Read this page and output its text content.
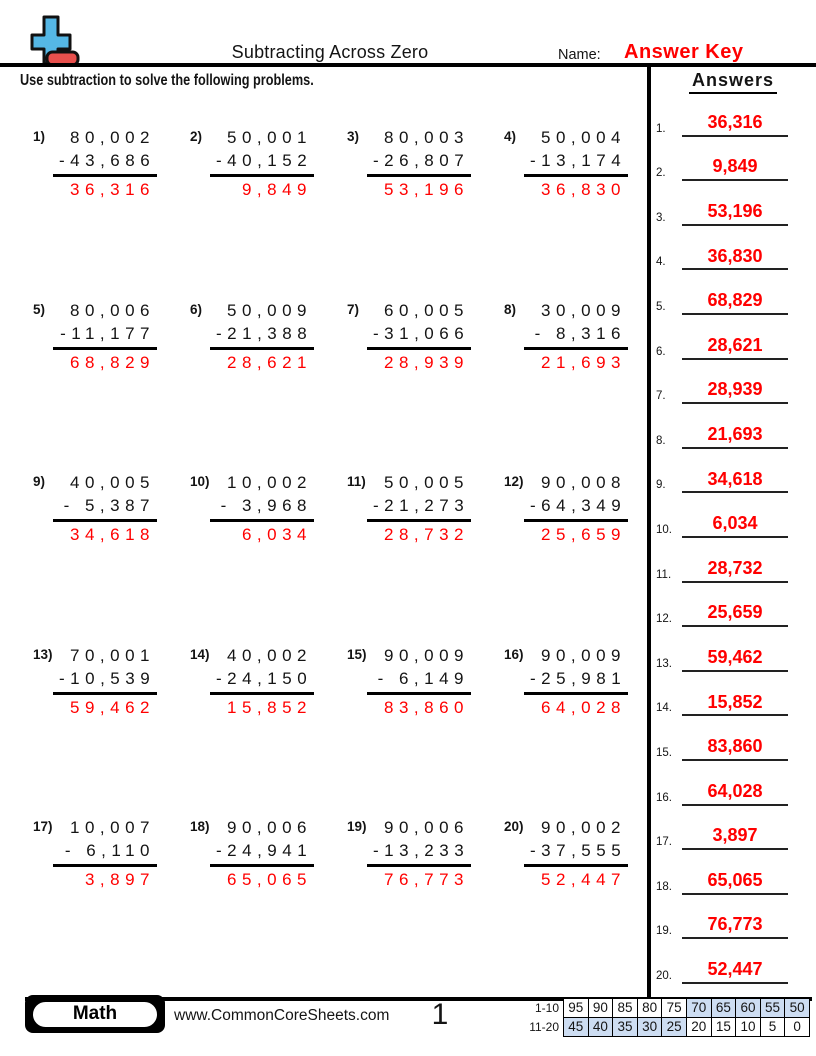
Subtracting Across Zero	Name: Answer Key
Use subtraction to solve the following problems.
1)	80,002
-43,686
36,316
2)	50,001
-40,152
9,849
3)	80,003
-26,807
53,196
4)	50,004
-13,174
36,830
5)	80,006
-11,177
68,829
6)	50,009
-21,388
28,621
7)	60,005
-31,066
28,939
8)	30,009
- 8,316
21,693
9)	40,005
- 5,387
34,618
10)	10,002
- 3,968
6,034
11)	50,005
-21,273
28,732
12)	90,008
-64,349
25,659
13)	70,001
-10,539
59,462
14)	40,002
-24,150
15,852
15)	90,009
- 6,149
83,860
16)	90,009
-25,981
64,028
17)	10,007
- 6,110
3,897
18)	90,006
-24,941
65,065
19)	90,006
-13,233
76,773
20)	90,002
-37,555
52,447
Answers
1.	36,316
2.	9,849
3.	53,196
4.	36,830
5.	68,829
6.	28,621
7.	28,939
8.	21,693
9.	34,618
10.	6,034
11.	28,732
12.	25,659
13.	59,462
14.	15,852
15.	83,860
16.	64,028
17.	3,897
18.	65,065
19.	76,773
20.	52,447
Math	www.CommonCoreSheets.com	1	1-10 95 90 85 80 75 70 65 60 55 50
11-20 45 40 35 30 25 20 15 10 5	0
